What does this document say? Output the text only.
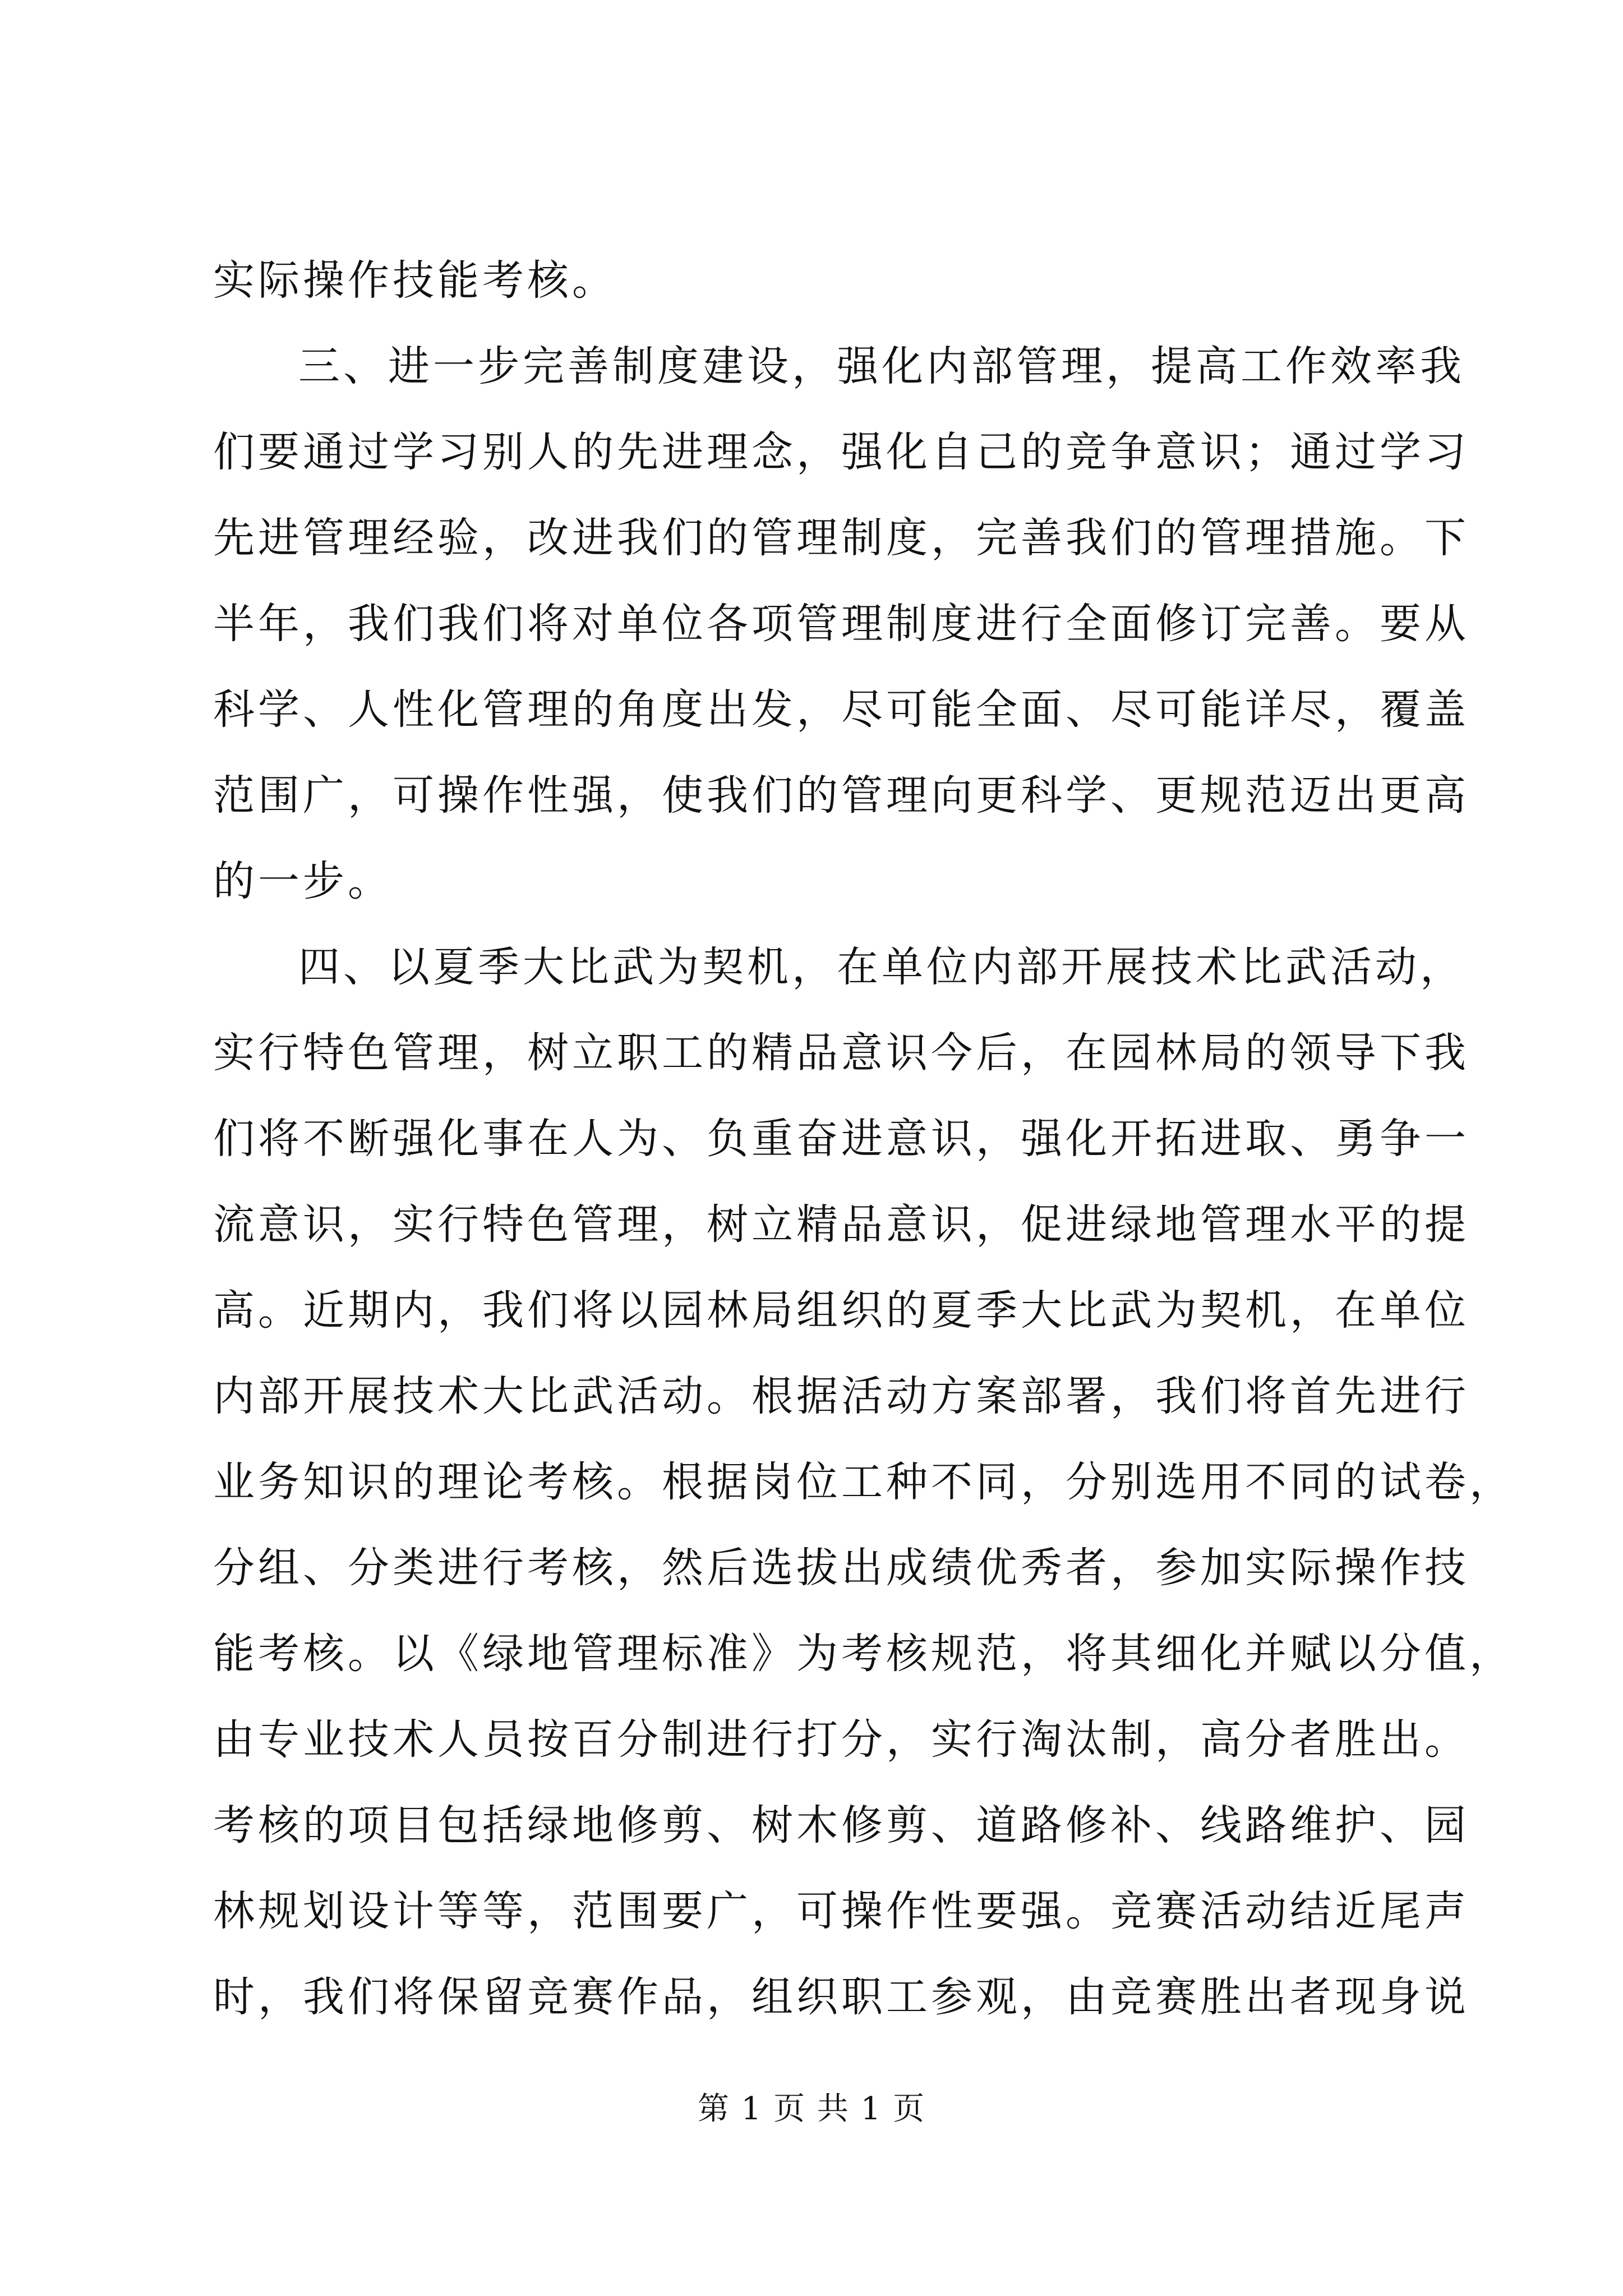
实际操作技能考核。
三、进一步完善制度建设，强化内部管理，提高工作效率我
们要通过学习别人的先进理念，强化自己的竞争意识；通过学习
先进管理经验，改进我们的管理制度，完善我们的管理措施。下
半年，我们我们将对单位各项管理制度进行全面修订完善。要从
科学、人性化管理的角度出发，尽可能全面、尽可能详尽，覆盖
范围广，可操作性强，使我们的管理向更科学、更规范迈出更高
的一步。
四、以夏季大比武为契机，在单位内部开展技术比武活动，
实行特色管理，树立职工的精品意识今后，在园林局的领导下我
们将不断强化事在人为、负重奋进意识，强化开拓进取、勇争一
流意识，实行特色管理，树立精品意识，促进绿地管理水平的提
高。近期内，我们将以园林局组织的夏季大比武为契机，在单位
内部开展技术大比武活动。根据活动方案部署，我们将首先进行
业务知识的理论考核。根据岗位工种不同，分别选用不同的试卷，
分组、分类进行考核，然后选拔出成绩优秀者，参加实际操作技
能考核。以《绿地管理标准》为考核规范，将其细化并赋以分值，
由专业技术人员按百分制进行打分，实行淘汰制，高分者胜出。
考核的项目包括绿地修剪、树木修剪、道路修补、线路维护、园
林规划设计等等，范围要广，可操作性要强。竞赛活动结近尾声
时，我们将保留竞赛作品，组织职工参观，由竞赛胜出者现身说
第 1 页 共 1 页
